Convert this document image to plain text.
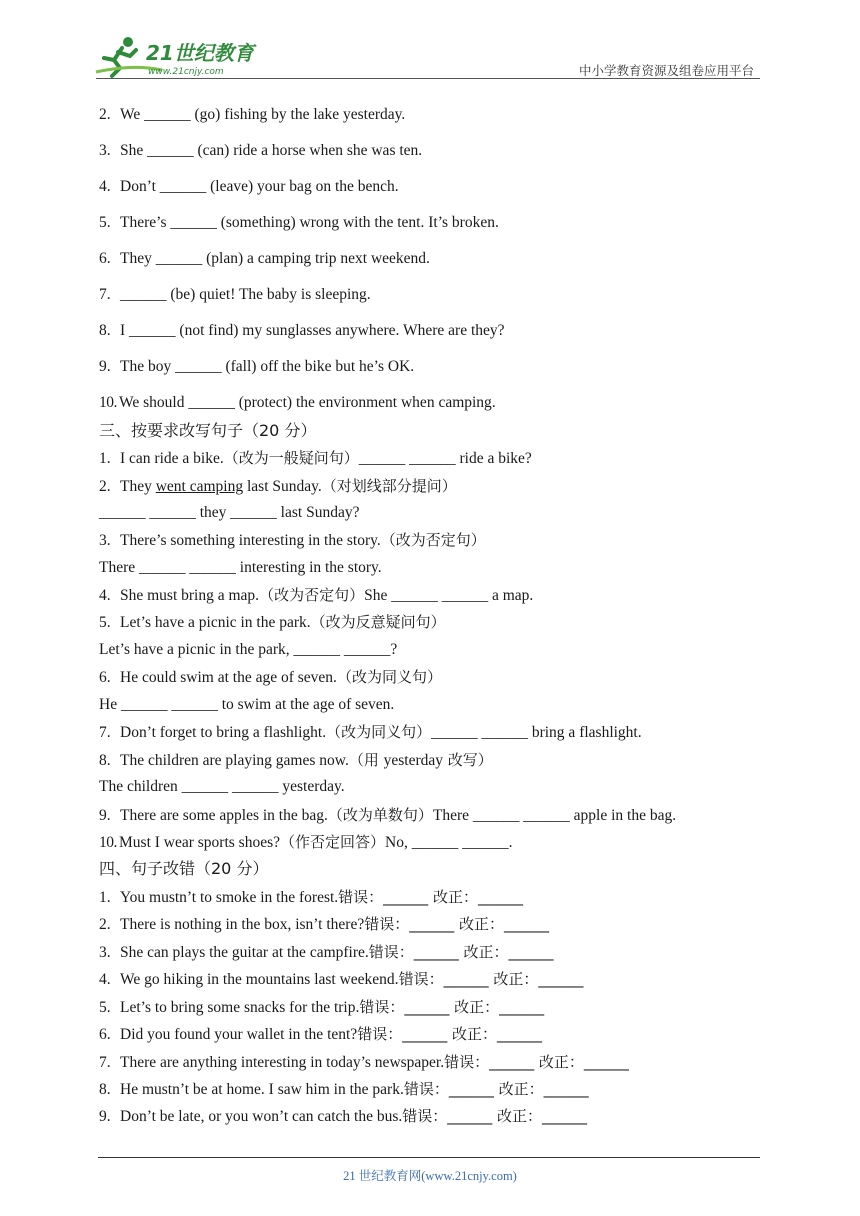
21世纪教育
www.21cnjy.com	中小学教育资源及组卷应用平台
2. We ______ (go) fishing by the lake yesterday.
3. She ______ (can) ride a horse when she was ten.
4. Don’t ______ (leave) your bag on the bench.
5. There’s ______ (something) wrong with the tent. It’s broken.
6. They ______ (plan) a camping trip next weekend.
7. ______ (be) quiet! The baby is sleeping.
8. I ______ (not find) my sunglasses anywhere. Where are they?
9. The boy ______ (fall) off the bike but he’s OK.
10. We should ______ (protect) the environment when camping.
三、按要求改写句子（20 分）
1. I can ride a bike.（改为一般疑问句）______ ______ ride a bike?
2. They went camping last Sunday.（对划线部分提问）
______ ______ they ______ last Sunday?
3. There’s something interesting in the story.（改为否定句）
There ______ ______ interesting in the story.
4. She must bring a map.（改为否定句）She ______ ______ a map.
5. Let’s have a picnic in the park.（改为反意疑问句）
Let’s have a picnic in the park, ______ ______?
6. He could swim at the age of seven.（改为同义句）
He ______ ______ to swim at the age of seven.
7. Don’t forget to bring a flashlight.（改为同义句）______ ______ bring a flashlight.
8. The children are playing games now.（用 yesterday 改写）
The children ______ ______ yesterday.
9. There are some apples in the bag.（改为单数句）There ______ ______ apple in the bag.
10. Must I wear sports shoes?（作否定回答）No, ______ ______.
四、句子改错（20 分）
1. You mustn’t to smoke in the forest.错误：______ 改正：______
2. There is nothing in the box, isn’t there?错误：______ 改正：______
3. She can plays the guitar at the campfire.错误：______ 改正：______
4. We go hiking in the mountains last weekend.错误：______ 改正：______
5. Let’s to bring some snacks for the trip.错误：______ 改正：______
6. Did you found your wallet in the tent?错误：______ 改正：______
7. There are anything interesting in today’s newspaper.错误：______ 改正：______
8. He mustn’t be at home. I saw him in the park.错误：______ 改正：______
9. Don’t be late, or you won’t can catch the bus.错误：______ 改正：______
21 世纪教育网(www.21cnjy.com)
